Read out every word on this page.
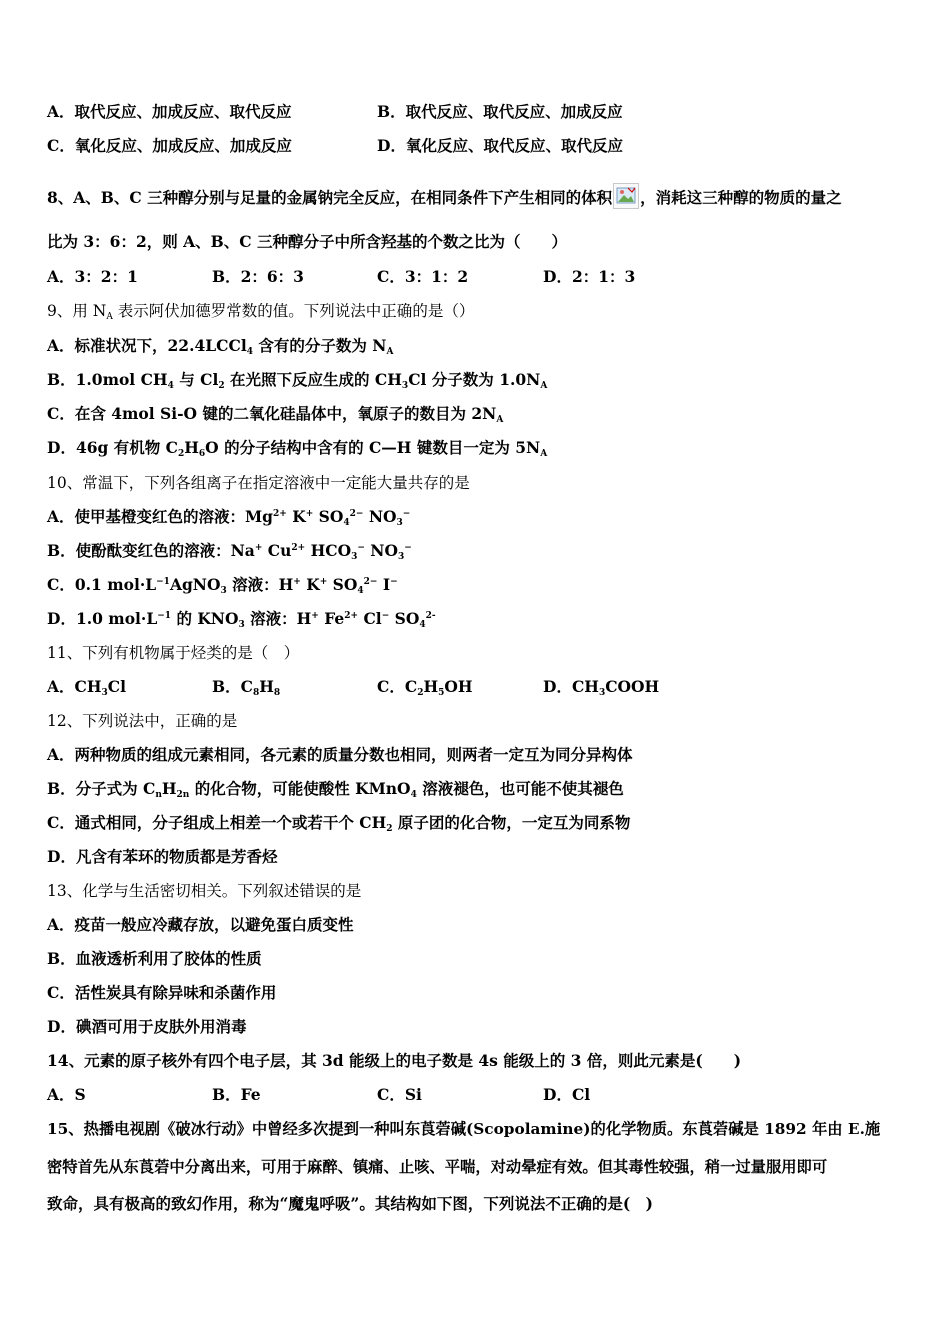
A．取代反应、加成反应、取代反应	B．取代反应、取代反应、加成反应
C．氧化反应、加成反应、加成反应	D．氧化反应、取代反应、取代反应
8、A、B、C 三种醇分别与足量的金属钠完全反应，在相同条件下产生相同的体积 ，消耗这三种醇的物质的量之
比为 3：6：2，则 A、B、C 三种醇分子中所含羟基的个数之比为（　　）
A．3：2：1	B．2：6：3	C．3：1：2	D．2：1：3
9、用 $N_A$ 表示阿伏加德罗常数的值。下列说法中正确 · ·的是（）
A．标准状况下，22.4LCCl$_4$ 含有的分子数为 $N_A$
B．1.0mol $CH_4$ 与 $Cl_2$ 在光照下反应生成的 $CH_3Cl$ 分子数为 $1.0N_A$
C．在含 4mol Si-O 键的二氧化硅晶体中，氧原子的数目为 $2N_A$
D．46g 有机物 $C_2H_6O$ 的分子结构中含有的 C—H 键数目一定为 $5N_A$
10、常温下，下列各组离子在指定溶液中一定能大量共存的是
A．使甲基橙变红色的溶液：$Mg^{2+}$ K+ $SO_4^{2-}$ $NO_3^-$
B．使酚酞变红色的溶液：Na+ $Cu^{2+}$ $HCO_3^-$ $NO_3^-$
C．0.1 $mol\cdot L^{-1}AgNO_3$ 溶液：H+ K+ $SO_4^{2-}$ I−
D．1.0 $mol\cdot L^{-1}$ 的 $KNO_3$ 溶液：H+ $Fe^{2+}$ Cl− $SO_4^{2-}$
11、下列有机物属于烃类的是（　）
A．$CH_3Cl$	B．$C_8H_8$	C．$C_2H_5OH$	D．$CH_3COOH$
12、下列说法中，正确的是
A．两种物质的组成元素相同，各元素的质量分数也相同，则两者一定互为同分异构体
B．分子式为 $C_nH_{2n}$ 的化合物，可能使酸性 KMnO$_4$ 溶液褪色，也可能不使其褪色
C．通式相同，分子组成上相差一个或若干个 $CH_2$ 原子团的化合物，一定互为同系物
D．凡含有苯环的物质都是芳香烃
13、化学与生活密切相关。下列叙述错误的是
A．疫苗一般应冷藏存放，以避免蛋白质变性
B．血液透析利用了胶体的性质
C．活性炭具有除异味和杀菌作用
D．碘酒可用于皮肤外用消毒
14、元素的原子核外有四个电子层，其 3d 能级上的电子数是 4s 能级上的 3 倍，则此元素是(　　)
A．S	B．Fe	C．Si	D．Cl
15、热播电视剧《破冰行动》中曾经多次提到一种叫东莨菪碱(Scopolamine)的化学物质。东莨菪碱是 1892 年由 E.施
密特首先从东莨菪中分离出来，可用于麻醉、镇痛、止咳、平喘，对动晕症有效。但其毒性较强，稍一过量服用即可
致命，具有极高的致幻作用，称为“魔鬼呼吸”。其结构如下图，下列说法不正确的是(　)
